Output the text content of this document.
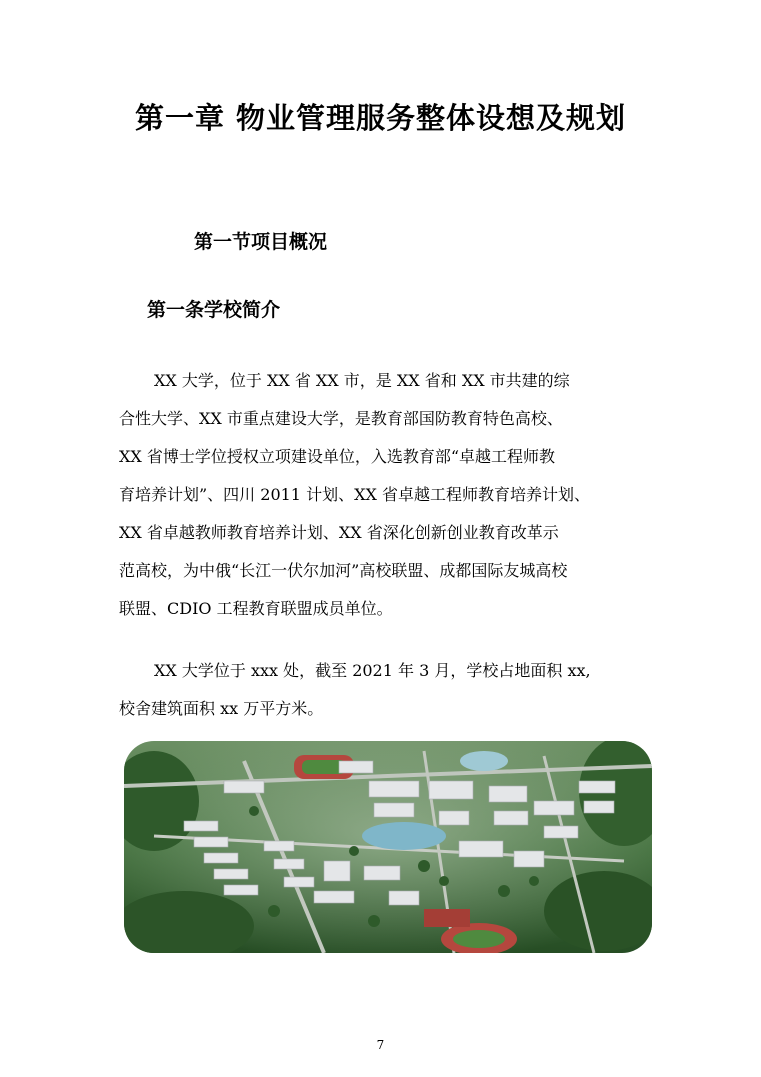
第一章 物业管理服务整体设想及规划
第一节项目概况
第一条学校简介

XX 大学，位于 XX 省 XX 市，是 XX 省和 XX 市共建的综

合性大学、XX 市重点建设大学，是教育部国防教育特色高校、

XX 省博士学位授权立项建设单位，入选教育部“卓越工程师教

育培养计划”、四川 2011 计划、XX 省卓越工程师教育培养计划、

XX 省卓越教师教育培养计划、XX 省深化创新创业教育改革示

范高校，为中俄“长江一伏尔加河”高校联盟、成都国际友城高校

联盟、CDIO 工程教育联盟成员单位。

XX 大学位于 xxx 处，截至 2021 年 3 月，学校占地面积 xx,

校舍建筑面积 xx 万平方米。

7
